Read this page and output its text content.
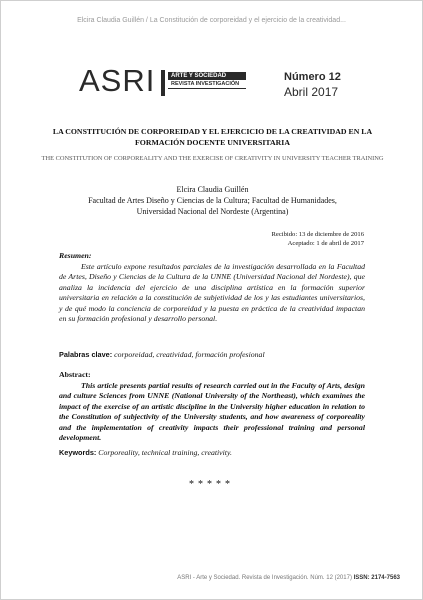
Elcira Claudia Guillén / La Constitución de corporeidad y el ejercicio de la creatividad...
ASRI	ARTE Y SOCIEDAD
REVISTA INVESTIGACIÓN
Número 12
Abril 2017
LA CONSTITUCIÓN DE CORPOREIDAD Y EL EJERCICIO DE LA CREATIVIDAD EN LA FORMACIÓN DOCENTE UNIVERSITARIA
THE CONSTITUTION OF CORPOREALITY AND THE EXERCISE OF CREATIVITY IN UNIVERSITY TEACHER TRAINING
Elcira Claudia Guillén
Facultad de Artes Diseño y Ciencias de la Cultura; Facultad de Humanidades,
Universidad Nacional del Nordeste (Argentina)
Recibido: 13 de diciembre de 2016
Aceptado: 1 de abril de 2017
Resumen:
Este artículo expone resultados parciales de la investigación desarrollada en la Facultad de Artes, Diseño y Ciencias de la Cultura de la UNNE (Universidad Nacional del Nordeste), que analiza la incidencia del ejercicio de una disciplina artística en la formación superior universitaria en relación a la constitución de subjetividad de los y las estudiantes universitarios, y de qué modo la conciencia de corporeidad y la puesta en práctica de la creatividad impactan en su formación profesional y desarrollo personal.
Palabras clave: corporeidad, creatividad, formación profesional
Abstract:
This article presents partial results of research carried out in the Faculty of Arts, design and culture Sciences from UNNE (National University of the Northeast), which examines the impact of the exercise of an artistic discipline in the University higher education in relation to the Constitution of subjectivity of the University students, and how awareness of corporeality and the implementation of creativity impacts their professional training and personal development.
Keywords: Corporeality, technical training, creativity.
*****
ASRI - Arte y Sociedad. Revista de Investigación. Núm. 12 (2017) ISSN: 2174-7563
